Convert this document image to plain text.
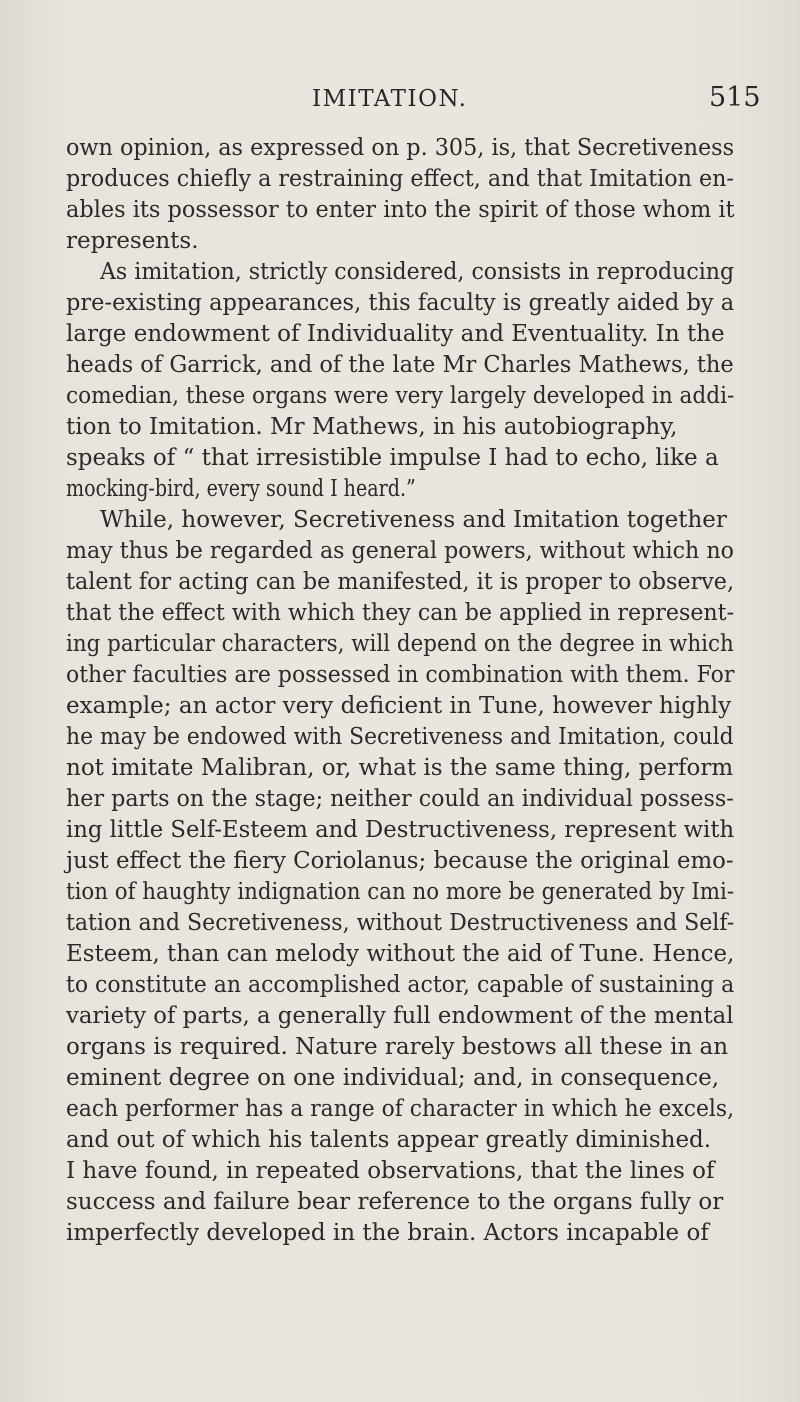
IMITATION.	515
own opinion, as expressed on p. 305, is, that Secretiveness
produces chiefly a restraining effect, and that Imitation en-
ables its possessor to enter into the spirit of those whom it
represents.
As imitation, strictly considered, consists in reproducing
pre-existing appearances, this faculty is greatly aided by a
large endowment of Individuality and Eventuality. In the
heads of Garrick, and of the late Mr Charles Mathews, the
comedian, these organs were very largely developed in addi-
tion to Imitation. Mr Mathews, in his autobiography,
speaks of “ that irresistible impulse I had to echo, like a
mocking-bird, every sound I heard.”
While, however, Secretiveness and Imitation together
may thus be regarded as general powers, without which no
talent for acting can be manifested, it is proper to observe,
that the effect with which they can be applied in represent-
ing particular characters, will depend on the degree in which
other faculties are possessed in combination with them. For
example; an actor very deficient in Tune, however highly
he may be endowed with Secretiveness and Imitation, could
not imitate Malibran, or, what is the same thing, perform
her parts on the stage; neither could an individual possess-
ing little Self-Esteem and Destructiveness, represent with
just effect the fiery Coriolanus; because the original emo-
tion of haughty indignation can no more be generated by Imi-
tation and Secretiveness, without Destructiveness and Self-
Esteem, than can melody without the aid of Tune. Hence,
to constitute an accomplished actor, capable of sustaining a
variety of parts, a generally full endowment of the mental
organs is required. Nature rarely bestows all these in an
eminent degree on one individual; and, in consequence,
each performer has a range of character in which he excels,
and out of which his talents appear greatly diminished.
I have found, in repeated observations, that the lines of
success and failure bear reference to the organs fully or
imperfectly developed in the brain. Actors incapable of
